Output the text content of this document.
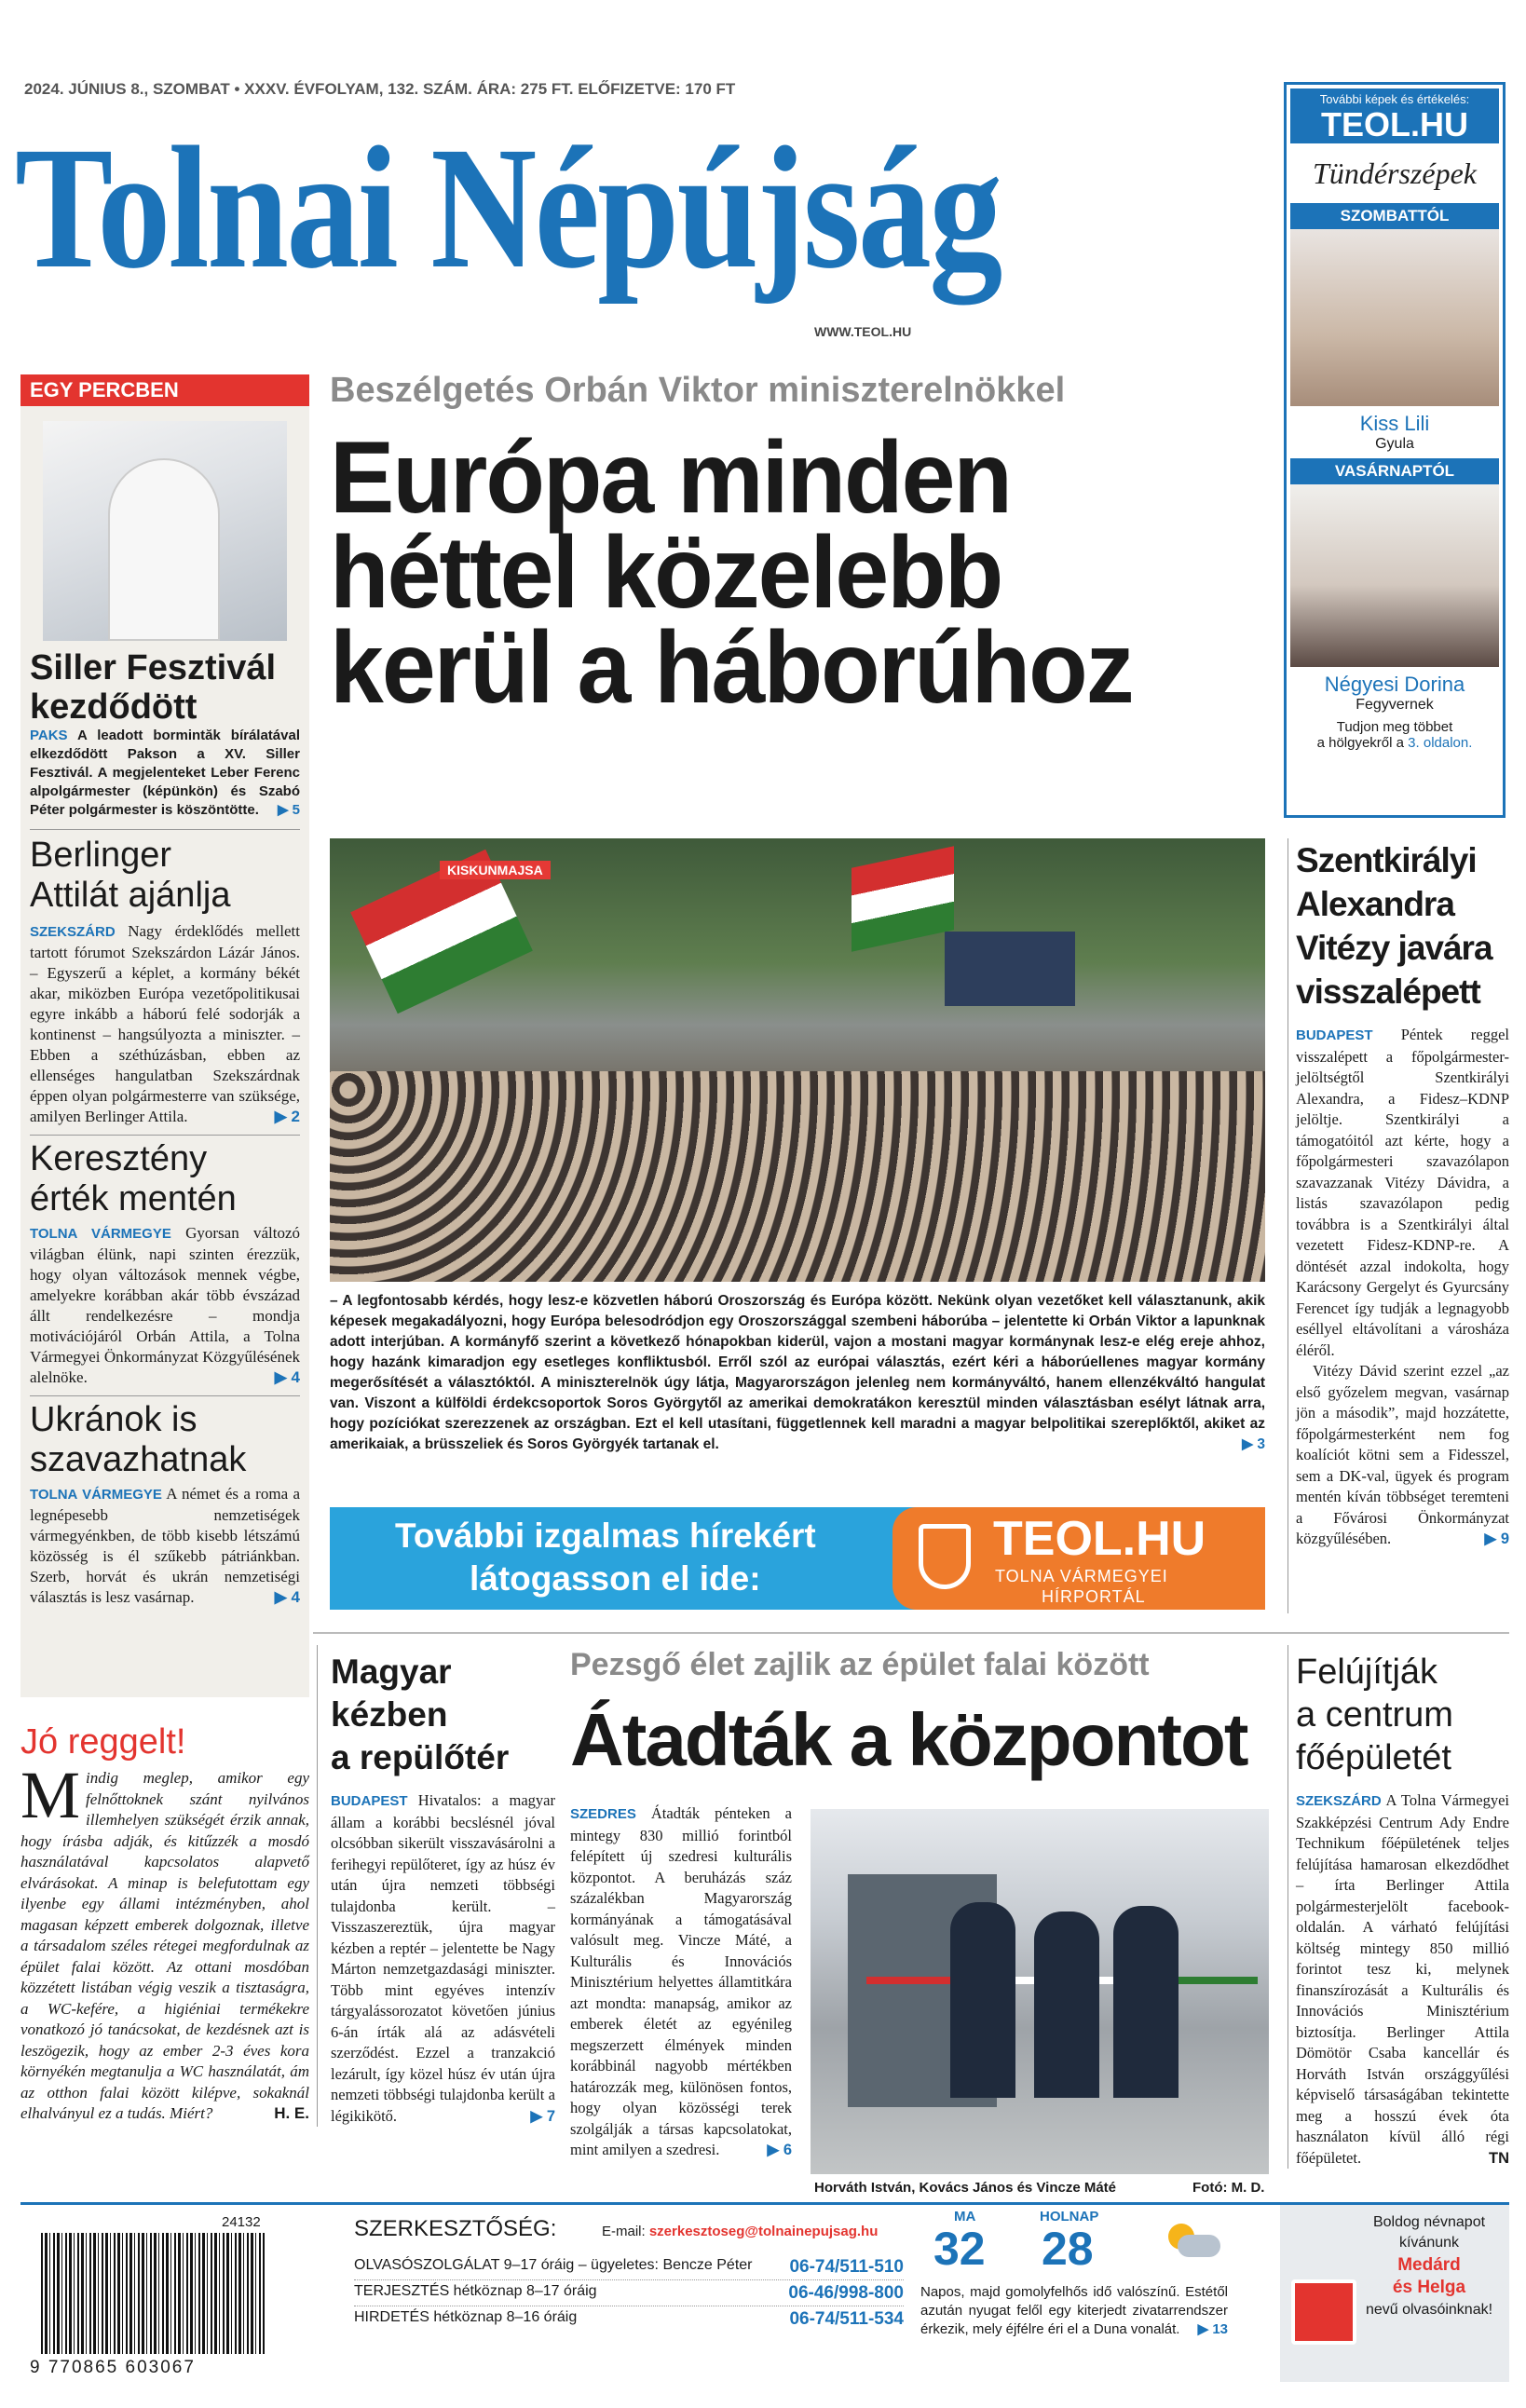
2024. JÚNIUS 8., SZOMBAT • XXXV. ÉVFOLYAM, 132. SZÁM. ÁRA: 275 FT. ELŐFIZETVE: 170 FT
Tolnai Népújság
WWW.TEOL.HU
További képek és értékelés:
TEOL.HU
Tündérszépek
SZOMBATTÓL
Kiss Lili
Gyula
VASÁRNAPTÓL
Négyesi Dorina
Fegyvernek
Tudjon meg többet
a hölgyekről a 3. oldalon.
EGY PERCBEN
Siller Fesztivál
kezdődött
PAKS A leadott bormintăk bírálatával elkezdődött Pakson a XV. Siller Fesztivál. A megjelenteket Leber Ferenc alpolgármester (képünkön) és Szabó Péter polgármester is köszöntötte. ▶ 5
Berlinger
Attilát ajánlja
SZEKSZÁRD Nagy érdeklődés mellett tartott fórumot Szekszárdon Lázár János. – Egyszerű a képlet, a kormány békét akar, miközben Európa vezetőpolitikusai egyre inkább a háború felé sodorják a kontinenst – hangsúlyozta a miniszter. – Ebben a széthúzásban, ebben az ellenséges hangulatban Szekszárdnak éppen olyan polgármesterre van szüksége, amilyen Berlinger Attila.	▶ 2
Keresztény
érték mentén
TOLNA VÁRMEGYE Gyorsan változó világban élünk, napi szinten érezzük, hogy olyan változások mennek végbe, amelyekre korábban akár több évszázad állt rendelkezésre – mondja motivációjáról Orbán Attila, a Tolna Vármegyei Önkormányzat Közgyűlésének alelnöke.	▶ 4
Ukránok is
szavazhatnak
TOLNA VÁRMEGYE A német és a roma a legnépesebb nemzetiségek vármegyénkben, de több kisebb létszámú közösség is él szűkebb pátriánkban. Szerb, horvát és ukrán nemzetiségi választás is lesz vasárnap.	▶ 4
Beszélgetés Orbán Viktor miniszterelnökkel
Európa minden
héttel közelebb
kerül a háborúhoz
KISKUNMAJSA
– A legfontosabb kérdés, hogy lesz-e közvetlen háború Oroszország és Európa között. Nekünk olyan vezetőket kell választanunk, akik képesek megakadályozni, hogy Európa belesodródjon egy Oroszországgal szembeni háborúba – jelentette ki Orbán Viktor a lapunknak adott interjúban. A kormányfő szerint a következő hónapokban kiderül, vajon a mostani magyar kormánynak lesz-e elég ereje ahhoz, hogy hazánk kimaradjon egy esetleges konfliktusból. Erről szól az európai választás, ezért kéri a háborúellenes magyar kormány megerősítését a választóktól. A miniszterelnök úgy látja, Magyarországon jelenleg nem kormányváltó, hanem ellenzékváltó hangulat van. Viszont a külföldi érdekcsoportok Soros Györgytől az amerikai demokratákon keresztül minden választásban esélyt látnak arra, hogy pozíciókat szerezzenek az országban. Ezt el kell utasítani, függetlennek kell maradni a magyar belpolitikai szereplőktől, akiket az amerikaiak, a brüsszeliek és Soros Györgyék tartanak el.	▶ 3
Szentkirályi
Alexandra
Vitézy javára
visszalépett
BUDAPEST Péntek reggel visszalépett a főpolgármester-jelöltségtől Szentkirályi Alexandra, a Fidesz–KDNP jelöltje. Szentkirályi a támogatóitól azt kérte, hogy a főpolgármesteri szavazólapon szavazzanak Vitézy Dávidra, a listás szavazólapon pedig továbbra is a Szentkirályi által vezetett Fidesz-KDNP-re. A döntését azzal indokolta, hogy Karácsony Gergelyt és Gyurcsány Ferencet így tudják a legnagyobb eséllyel eltávolítani a városháza éléről.
Vitézy Dávid szerint ezzel „az első győzelem megvan, vasárnap jön a második”, majd hozzátette, főpolgármesterként nem fog koalíciót kötni sem a Fidesszel, sem a DK-val, ügyek és program mentén kíván többséget teremteni a Fővárosi Önkormányzat közgyűlésében.	▶ 9
További izgalmas hírekért
látogasson el ide:
TEOL.HU
TOLNA VÁRMEGYEI
HÍRPORTÁL
Jó reggelt!
Mindig meglep, amikor egy felnőttoknek szánt nyilvános illemhelyen szükségét érzik annak, hogy írásba adják, és kitűzzék a mosdó használatával kapcsolatos alapvető elvárásokat. A minap is belefutottam egy ilyenbe egy állami intézményben, ahol magasan képzett emberek dolgoznak, illetve a társadalom széles rétegei megfordulnak az épület falai között. Az ottani mosdóban közzétett listában végig veszik a tisztaságra, a WC-kefére, a higiéniai termékekre vonatkozó jó tanácsokat, de kezdésnek azt is leszögezik, hogy az ember 2-3 éves kora környékén megtanulja a WC használatát, ám az otthon falai között kilépve, sokaknál elhalványul ez a tudás. Miért?	H. E.
Magyar
kézben
a repülőtér
BUDAPEST Hivatalos: a magyar állam a korábbi becslésnél jóval olcsóbban sikerült visszavásárolni a ferihegyi repülőteret, így az húsz év után újra nemzeti többségi tulajdonba került. – Visszaszereztük, újra magyar kézben a reptér – jelentette be Nagy Márton nemzetgazdasági miniszter. Több mint egyéves intenzív tárgyalássorozatot követően június 6-án írták alá az adásvételi szerződést. Ezzel a tranzakció lezárult, így közel húsz év után újra nemzeti többségi tulajdonba került a légikikötő.	▶ 7
Pezsgő élet zajlik az épület falai között
Átadták a központot
SZEDRES Átadták pénteken a mintegy 830 millió forintból felépített új szedresi kulturális központot. A beruházás száz százalékban Magyarország kormányának a támogatásával valósult meg. Vincze Máté, a Kulturális és Innovációs Minisztérium helyettes államtitkára azt mondta: manapság, amikor az emberek életét az egyénileg megszerzett élmények minden korábbinál nagyobb mértékben határozzák meg, különösen fontos, hogy olyan közösségi terek szolgálják a társas kapcsolatokat, mint amilyen a szedresi.	▶ 6
Horváth István, Kovács János és Vincze Máté	Fotó: M. D.
Felújítják
a centrum
főépületét
SZEKSZÁRD A Tolna Vármegyei Szakképzési Centrum Ady Endre Technikum főépületének teljes felújítása hamarosan elkezdődhet – írta Berlinger Attila polgármesterjelölt facebook-oldalán. A várható felújítási költség mintegy 850 millió forintot tesz ki, melynek finanszírozását a Kulturális és Innovációs Minisztérium biztosítja. Berlinger Attila Dömötör Csaba kancellár és Horváth István országgyűlési képviselő társaságában tekintette meg a hosszú évek óta használaton kívül álló régi főépületet.	TN
24132
9 770865 603067
SZERKESZTŐSÉG:	E-mail: szerkesztoseg@tolnainepujsag.hu
OLVASÓSZOLGÁLAT 9–17 óráig – ügyeletes: Bencze Péter 06-74/511-510
TERJESZTÉS hétköznap 8–17 óráig	06-46/998-800
HIRDETÉS hétköznap 8–16 óráig	06-74/511-534
MA
32
HOLNAP
28
Napos, majd gomolyfelhős idő valószínű. Estétől azután nyugat felől egy kiterjedt zivatarrendszer érkezik, mely éjfélre éri el a Duna vonalát. ▶ 13
Boldog névnapot
kívánunk
Medárd
és Helga
nevű olvasóinknak!
